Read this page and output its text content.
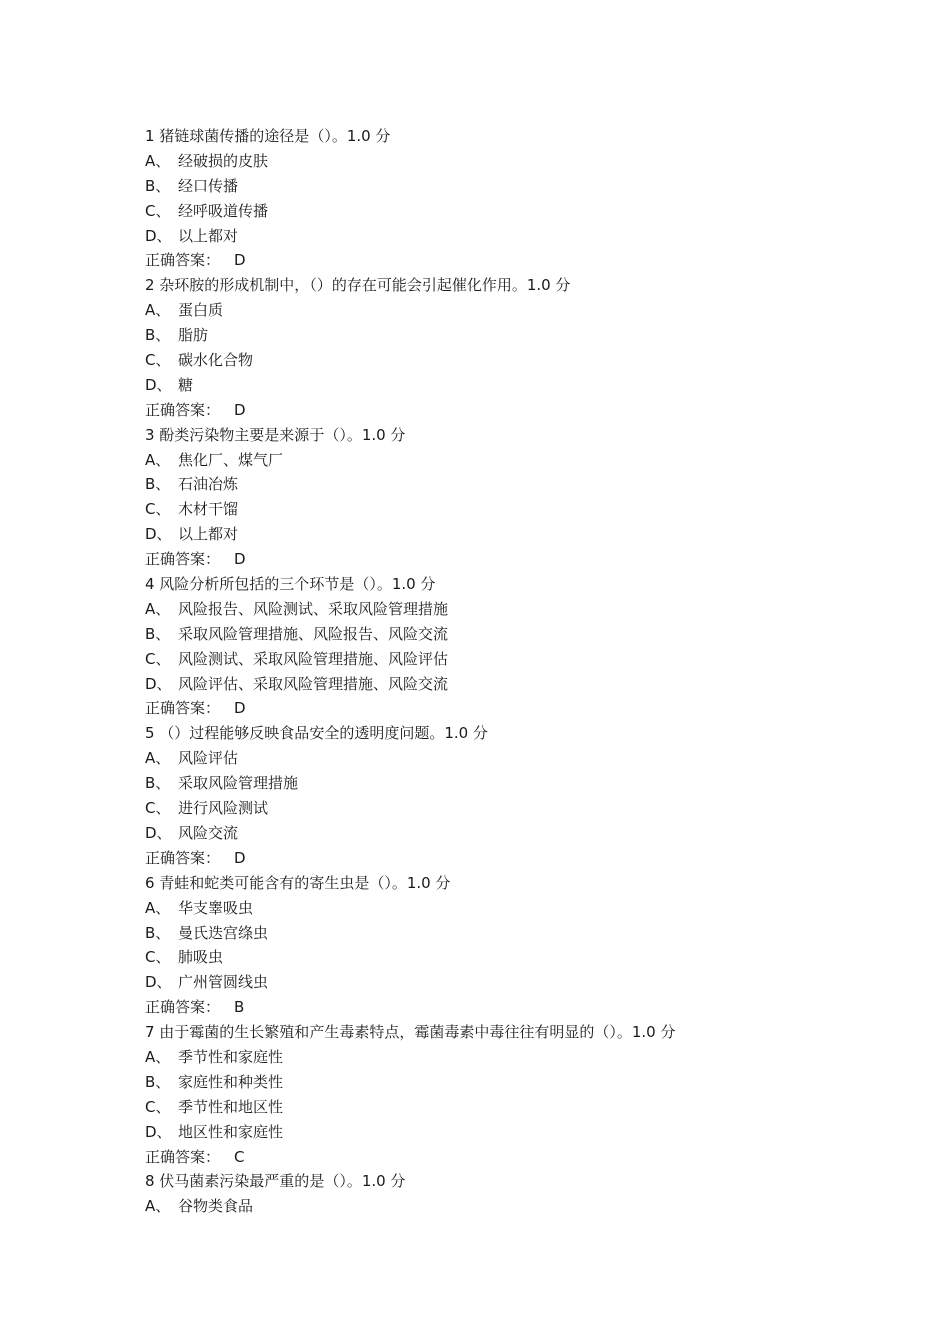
1 猪链球菌传播的途径是（）。1.0 分
A、 经破损的皮肤
B、 经口传播
C、 经呼吸道传播
D、 以上都对
正确答案： D
2 杂环胺的形成机制中，（）的存在可能会引起催化作用。1.0 分
A、 蛋白质
B、 脂肪
C、 碳水化合物
D、 糖
正确答案： D
3 酚类污染物主要是来源于（）。1.0 分
A、 焦化厂、煤气厂
B、 石油冶炼
C、 木材干馏
D、 以上都对
正确答案： D
4 风险分析所包括的三个环节是（）。1.0 分
A、 风险报告、风险测试、采取风险管理措施
B、 采取风险管理措施、风险报告、风险交流
C、 风险测试、采取风险管理措施、风险评估
D、 风险评估、采取风险管理措施、风险交流
正确答案： D
5 （）过程能够反映食品安全的透明度问题。1.0 分
A、 风险评估
B、 采取风险管理措施
C、 进行风险测试
D、 风险交流
正确答案： D
6 青蛙和蛇类可能含有的寄生虫是（）。1.0 分
A、 华支睾吸虫
B、 曼氏迭宫绦虫
C、 肺吸虫
D、 广州管圆线虫
正确答案： B
7 由于霉菌的生长繁殖和产生毒素特点，霉菌毒素中毒往往有明显的（）。1.0 分
A、 季节性和家庭性
B、 家庭性和种类性
C、 季节性和地区性
D、 地区性和家庭性
正确答案： C
8 伏马菌素污染最严重的是（）。1.0 分
A、 谷物类食品
